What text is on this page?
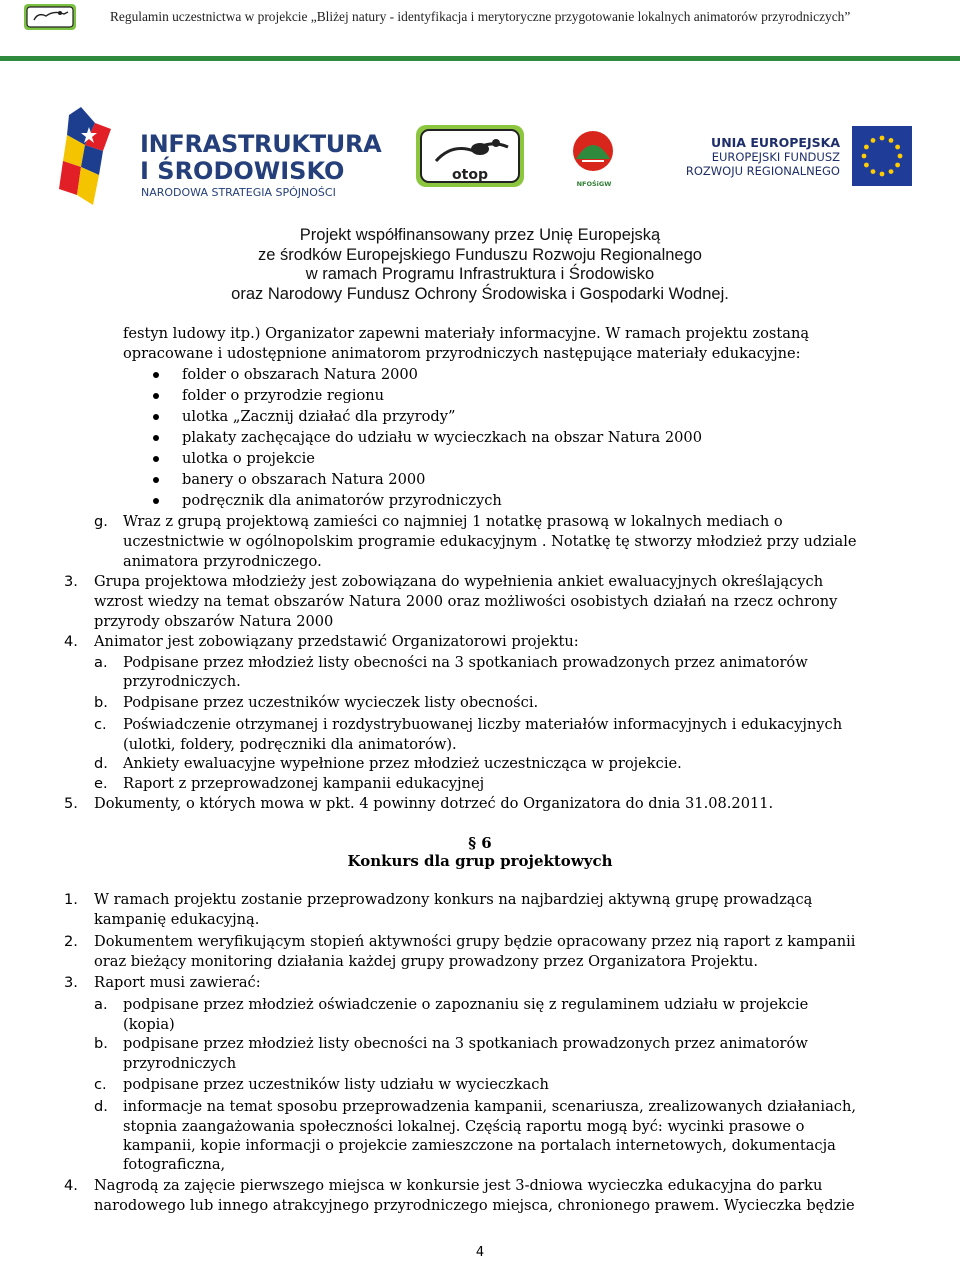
Regulamin uczestnictwa w projekcie „Bliżej natury - identyfikacja i merytoryczne przygotowanie lokalnych animatorów przyrodniczych”
INFRASTRUKTURA
I ŚRODOWISKO
NARODOWA STRATEGIA SPÓJNOŚCI
otop
NFOŚiGW
UNIA EUROPEJSKA
EUROPEJSKI FUNDUSZ
ROZWOJU REGIONALNEGO
Projekt współfinansowany przez Unię Europejską
ze środków Europejskiego Funduszu Rozwoju Regionalnego
w ramach Programu Infrastruktura i Środowisko
oraz Narodowy Fundusz Ochrony Środowiska i Gospodarki Wodnej.
festyn ludowy itp.) Organizator zapewni materiały informacyjne. W ramach projektu zostaną
opracowane i udostępnione animatorom przyrodniczych następujące materiały edukacyjne:
folder o obszarach Natura 2000
folder o przyrodzie regionu
ulotka „Zacznij działać dla przyrody”
plakaty zachęcające do udziału w wycieczkach na obszar Natura 2000
ulotka o projekcie
banery o obszarach Natura 2000
podręcznik dla animatorów przyrodniczych
g. Wraz z grupą projektową zamieści co najmniej 1 notatkę prasową w lokalnych mediach o
uczestnictwie w ogólnopolskim programie edukacyjnym . Notatkę tę stworzy młodzież przy udziale
animatora przyrodniczego.
3. Grupa projektowa młodzieży jest zobowiązana do wypełnienia ankiet ewaluacyjnych określających
wzrost wiedzy na temat obszarów Natura 2000 oraz możliwości osobistych działań na rzecz ochrony
przyrody obszarów Natura 2000
4. Animator jest zobowiązany przedstawić Organizatorowi projektu:
a. Podpisane przez młodzież listy obecności na 3 spotkaniach prowadzonych przez animatorów
przyrodniczych.
b. Podpisane przez uczestników wycieczek listy obecności.
c. Poświadczenie otrzymanej i rozdystrybuowanej liczby materiałów informacyjnych i edukacyjnych
(ulotki, foldery, podręczniki dla animatorów).
d. Ankiety ewaluacyjne wypełnione przez młodzież uczestnicząca w projekcie.
e. Raport z przeprowadzonej kampanii edukacyjnej
5. Dokumenty, o których mowa w pkt. 4 powinny dotrzeć do Organizatora do dnia 31.08.2011.
§ 6
Konkurs dla grup projektowych
1. W ramach projektu zostanie przeprowadzony konkurs na najbardziej aktywną grupę prowadzącą
kampanię edukacyjną.
2. Dokumentem weryfikującym stopień aktywności grupy będzie opracowany przez nią raport z kampanii
oraz bieżący monitoring działania każdej grupy prowadzony przez Organizatora Projektu.
3. Raport musi zawierać:
a. podpisane przez młodzież oświadczenie o zapoznaniu się z regulaminem udziału w projekcie
(kopia)
b. podpisane przez młodzież listy obecności na 3 spotkaniach prowadzonych przez animatorów
przyrodniczych
c. podpisane przez uczestników listy udziału w wycieczkach
d. informacje na temat sposobu przeprowadzenia kampanii, scenariusza, zrealizowanych działaniach,
stopnia zaangażowania społeczności lokalnej. Częścią raportu mogą być: wycinki prasowe o
kampanii, kopie informacji o projekcie zamieszczone na portalach internetowych, dokumentacja
fotograficzna,
4. Nagrodą za zajęcie pierwszego miejsca w konkursie jest 3-dniowa wycieczka edukacyjna do parku
narodowego lub innego atrakcyjnego przyrodniczego miejsca, chronionego prawem. Wycieczka będzie
4
